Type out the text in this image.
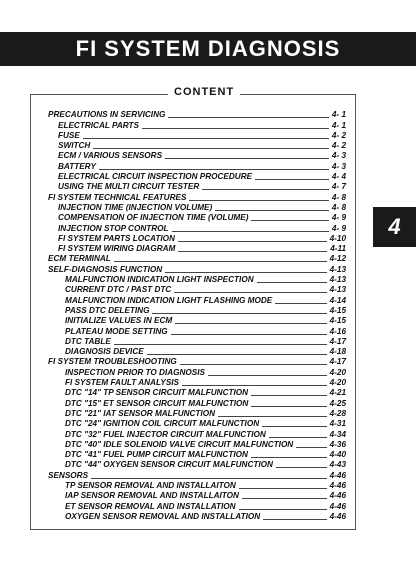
FI SYSTEM DIAGNOSIS
CONTENT
PRECAUTIONS IN SERVICING	4- 1
ELECTRICAL PARTS	4- 1
FUSE	4- 2
SWITCH	4- 2
ECM / VARIOUS SENSORS	4- 3
BATTERY	4- 3
ELECTRICAL CIRCUIT INSPECTION PROCEDURE	4- 4
USING THE MULTI CIRCUIT TESTER	4- 7
FI SYSTEM TECHNICAL FEATURES	4- 8
INJECTION TIME (INJECTION VOLUME)	4- 8
COMPENSATION OF INJECTION TIME (VOLUME)	4- 9
INJECTION STOP CONTROL	4- 9
FI SYSTEM PARTS LOCATION	4-10
FI SYSTEM WIRING DIAGRAM	4-11
ECM TERMINAL	4-12
SELF-DIAGNOSIS FUNCTION	4-13
MALFUNCTION INDICATION LIGHT INSPECTION	4-13
CURRENT DTC / PAST DTC	4-13
MALFUNCTION INDICATION LIGHT FLASHING MODE	4-14
PASS DTC DELETING	4-15
INITIALIZE VALUES IN ECM	4-15
PLATEAU MODE SETTING	4-16
DTC TABLE	4-17
DIAGNOSIS DEVICE	4-18
FI SYSTEM TROUBLESHOOTING	4-17
INSPECTION PRIOR TO DIAGNOSIS	4-20
FI SYSTEM FAULT ANALYSIS	4-20
DTC "14" TP SENSOR CIRCUIT MALFUNCTION	4-21
DTC "15" ET SENSOR CIRCUIT MALFUNCTION	4-25
DTC "21" IAT SENSOR MALFUNCTION	4-28
DTC "24" IGNITION COIL CIRCUIT MALFUNCTION	4-31
DTC "32" FUEL INJECTOR CIRCUIT MALFUNCTION	4-34
DTC "40" IDLE SOLENOID VALVE CIRCUIT MALFUNCTION	4-36
DTC "41" FUEL PUMP CIRCUIT MALFUNCTION	4-40
DTC "44" OXYGEN SENSOR CIRCUIT MALFUNCTION	4-43
SENSORS	4-46
TP SENSOR REMOVAL AND INSTALLAITON	4-46
IAP SENSOR REMOVAL AND INSTALLAITON	4-46
ET SENSOR REMOVAL AND INSTALLATION	4-46
OXYGEN SENSOR REMOVAL AND INSTALLATION	4-46
4
